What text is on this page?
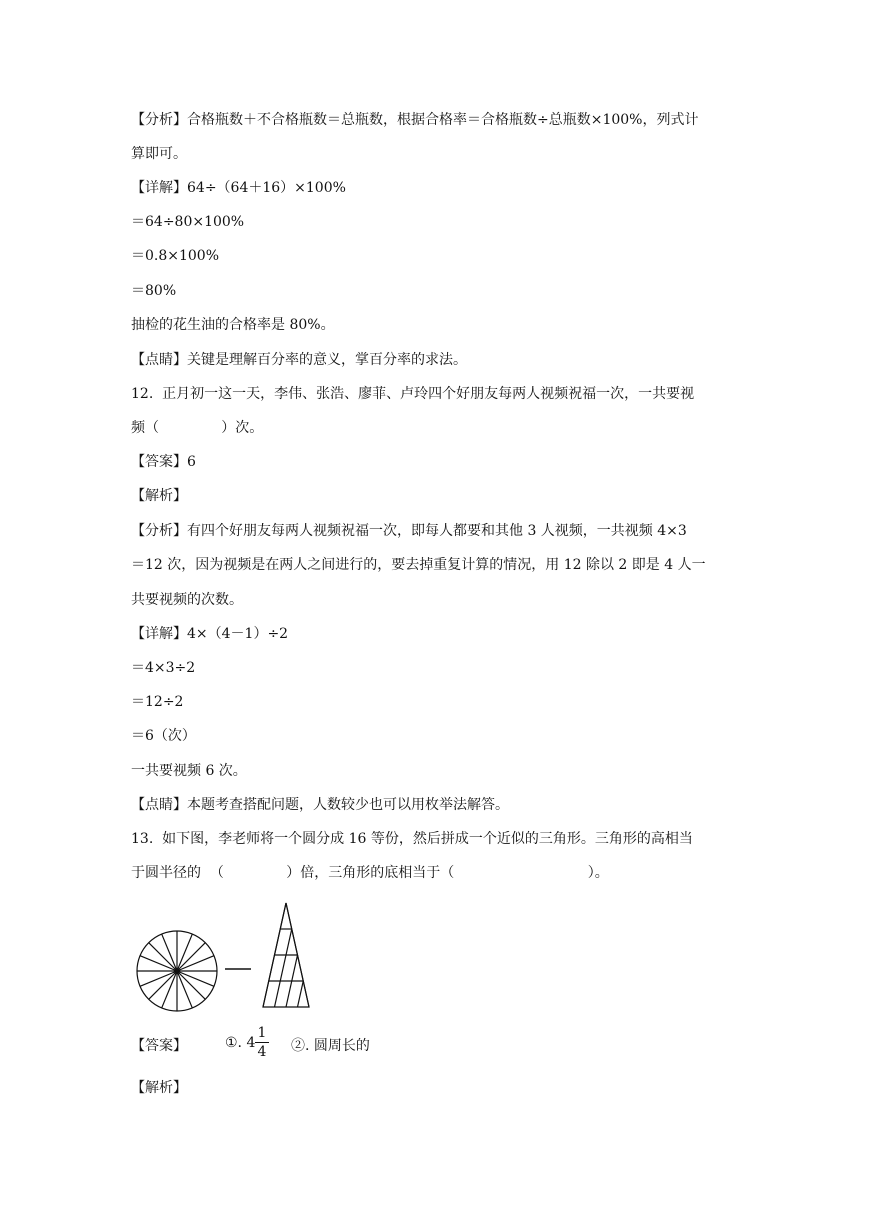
【分析】合格瓶数＋不合格瓶数＝总瓶数，根据合格率＝合格瓶数÷总瓶数×100%，列式计
算即可。
【详解】64÷（64＋16）×100%
＝64÷80×100%
＝0.8×100%
＝80%
抽检的花生油的合格率是 80%。
【点睛】关键是理解百分率的意义，掌百分率的求法。
12.  正月初一这一天，李伟、张浩、廖菲、卢玲四个好朋友每两人视频祝福一次，一共要视
频（              ）次。
【答案】6
【解析】
【分析】有四个好朋友每两人视频祝福一次，即每人都要和其他 3 人视频，一共视频 4×3
＝12 次，因为视频是在两人之间进行的，要去掉重复计算的情况，用 12 除以 2 即是 4 人一
共要视频的次数。
【详解】4×（4－1）÷2
＝4×3÷2
＝12÷2
＝6（次）
一共要视频 6 次。
【点睛】本题考查搭配问题，人数较少也可以用枚举法解答。
13.  如下图，李老师将一个圆分成 16 等份，然后拼成一个近似的三角形。三角形的高相当
于圆半径的  （              ）倍，三角形的底相当于（                              ）。
【答案】	①. 4	②. 圆周长的
1
4
【解析】
